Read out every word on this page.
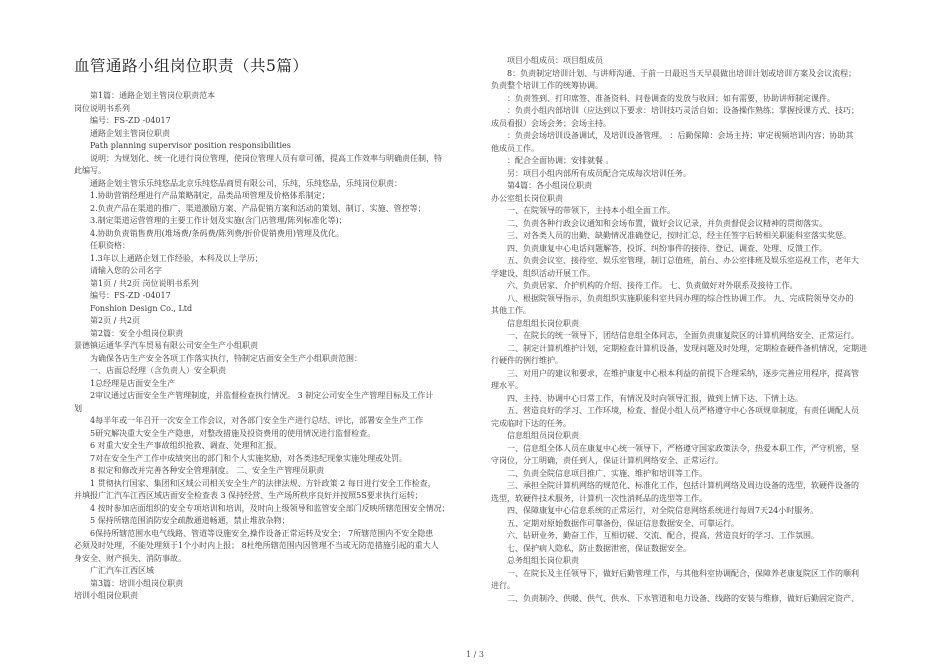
血管通路小组岗位职责（共5篇）
第1篇：通路企划主管岗位职责范本
岗位说明书系列
编号：FS-ZD -04017
通路企划主管岗位职责
Path planning supervisor position responsibilities
说明：为规划化、统一化进行岗位管理，使岗位管理人员有章可循，提高工作效率与明确责任制，特
此编写。
通路企划主管乐乐纯悠品北京乐纯悠品商贸有限公司，乐纯，乐纯悠品，乐纯岗位职责：
1.协助营销经理进行产品策略制定，品类品项管理及价格体系制定；
2.负责产品在渠道的推广、渠道激励方案、产品促销方案和活动的策划、制订、实施、管控等；
3.制定渠道运营管理的主要工作计划及实施(含门店管理/陈列标准化等)；
4.协助负责销售费用(堆场费/条码费/陈列费/折价促销费用)管理及优化。
任职资格：
1.3年以上通路企划工作经验，本科及以上学历；
请输入您的公司名字
第1页 / 共2页 岗位说明书系列
编号：FS-ZD -04017
Fonshion Design Co., Ltd
第2页 / 共2页
第2篇：安全小组岗位职责
景德镇运通华孚汽车贸易有限公司安全生产小组职责
为确保各店生产安全各项工作落实执行，特制定店面安全生产小组职责范围：
一、店面总经理（含负责人）安全职责
1总经理是店面安全生产
2审议通过店面安全生产管理制度，并监督检查执行情况。 3 制定公司安全生产管理目标及工作计
划
4每半年或一年召开一次安全工作会议，对各部门安全生产进行总结、评比，部署安全生产工作
5研究解决重大安全生产隐患，对整改措施及投资费用的使用情况进行监督检查。
6 对重大安全生产事故组织抢救、调查、处理和汇报。
7对在安全生产工作中成绩突出的部门和个人实施奖励，对各类违纪现象实施处理或处罚。
8 拟定和修改并完善各种安全管理制度。 二、安全生产管理员职责
1 贯彻执行国家、集团和区域公司相关安全生产的法律法规、方针政策 2 每日进行安全工作检查，
并填报广汇汽车江西区域店面安全检查表 3 保持经营、生产场所秩序良好并按照5S要求执行运转；
4 按时参加店面组织的安全专项培训和培训，及时向上级领导和监管安全部门反映所辖范围安全情况；
5 保持所辖范围消防安全疏散通道畅通，禁止堆放杂物；
6保持所辖范围水电气线路、管道等设施安全,操作设备正常运转及安全； 7所辖范围内不安全隐患
必须及时处理，不能处理须于1个小时内上报； 8杜绝所辖范围内因管理不当或无防范措施引起的重大人
身安全、财产损失、消防事故。
广汇汽车江西区域
第3篇：培训小组岗位职责
培训小组岗位职责
项目小组成员：项目组成员
8：负责制定培训计划、与讲师沟通、于前一日最迟当天早晨做出培训计划或培训方案及会议流程；
负责整个培训工作的统筹协调。
：负责签到、打印席签、准备资料、问卷调查的发放与收回；如有需要，协助讲师制定课件。
：负责小组内部培训（应达到以下要求：培训技巧灵活自如；设备操作熟练；掌握授课方式、技巧；
成员看报）会场会务；会场主持。
：负责会场培训设备调试，及培训设备管理。 ：后勤保障：会场主持；审定视频培训内容；协助其
他成员工作。
：配合全面协调；安排就餐 。
另：项目小组内部所有成员配合完成每次培训任务。
第4篇：各小组岗位职责
办公室组长岗位职责
一、在院领导的带领下，主持本小组全面工作。
二、负责各种行政会议通知和会场布置，做好会议记录，并负责督促会议精神的贯彻落实。
三、对各类人员的出勤、缺勤情况准确登记，按时汇总，经主任签字后转相关职能科室落实奖惩。
四、负责康复中心电话问题解答，投诉、纠纷事件的接待、登记、调查、处理、反馈工作。
五、负责会议室、接待室、娱乐室管理，制订总值班，前台、办公室排班及娱乐室巡视工作，老年大
学建设、组织活动开展工作。
六、负责居家、介护机构的介绍、接待工作。 七、负责做好对外联系及接待工作。
八、根据院领导指示，负责组织实施职能科室共同办理的综合性协调工作。 九、完成院领导交办的
其他工作。
信息组组长岗位职责
一、在院长的统一领导下，团结信息组全体同志，全面负责康复院区的计算机网络安全、正常运行。
二、制定计算机维护计划，定期检查计算机设备，发现问题及时处理，定期检查硬件备机情况，定期进
行硬件的例行维护。
三、对用户的建议和要求，在维护康复中心根本利益的前提下合理采纳，逐步完善应用程序，提高管
理水平。
四、主持、协调中心日常工作，有情况及时向领导汇报，做到上情下达、下情上达。
五、营造良好的学习、工作环境，检查、督促小组人员严格遵守中心各项规章制度，有责任调配人员
完成临时下达的任务。
信息组组员岗位职责
一、信息组全体人员在康复中心统一领导下，严格遵守国家政策法令，热爱本职工作，严守机密，坚
守岗位，分工明确，责任到人，保证计算机网络安全、正常运行。
二、负责全院信息项目推广、实施、维护和培训等工作。
三、承担全院计算机网络的规范化、标准化工作，包括计算机网络及周边设备的选型，软硬件设备的
选型，软硬件技术服务，计算机一次性消耗品的选型等工作。
四、保障康复中心信息系统的正常运行，对全院信息网络系统进行每周7天24小时服务。
五、定期对原始数据作可靠备份，保证信息数据安全、可靠运行。
六、钻研业务，勤奋工作，互相切磋、交流、配合，提高，营造良好的学习、工作氛围。
七、保护病人隐私，防止数据泄密，保证数据安全。
总务组组长岗位职责
一、在院长及主任领导下，做好后勤管理工作，与其他科室协调配合，保障养老康复院区工作的顺利
进行。
二、负责制冷、供暖、供气、供水、下水管道和电力设备、线路的安装与维修，做好后勤固定资产、
1 / 3
